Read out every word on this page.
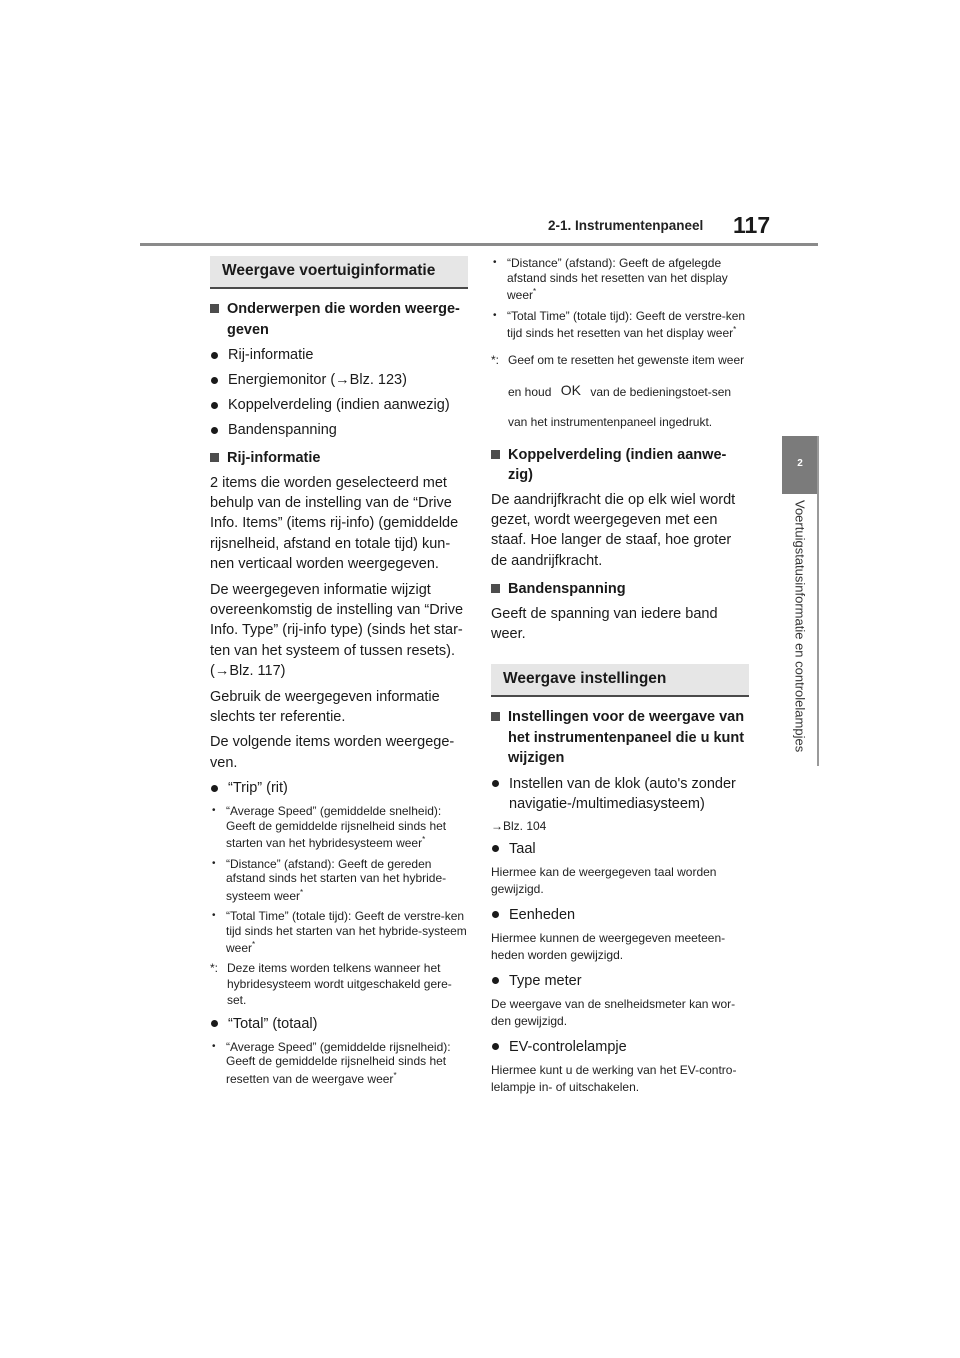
2-1. Instrumentenpaneel 117
2
Voertuigstatusinformatie en controlelampjes
Weergave voertuiginformatie
Onderwerpen die worden weerge-geven
Rij-informatie
Energiemonitor (→Blz. 123)
Koppelverdeling (indien aanwezig)
Bandenspanning
Rij-informatie
2 items die worden geselecteerd met behulp van de instelling van de “Drive Info. Items” (items rij-info) (gemiddelde rijsnelheid, afstand en totale tijd) kun-nen verticaal worden weergegeven.
De weergegeven informatie wijzigt overeenkomstig de instelling van “Drive Info. Type” (rij-info type) (sinds het star-ten van het systeem of tussen resets). (→Blz. 117)
Gebruik de weergegeven informatie slechts ter referentie.
De volgende items worden weergege-ven.
“Trip” (rit)
• “Average Speed” (gemiddelde snelheid): Geeft de gemiddelde rijsnelheid sinds het starten van het hybridesysteem weer*
• “Distance” (afstand): Geeft de gereden afstand sinds het starten van het hybride-systeem weer*
• “Total Time” (totale tijd): Geeft de verstre-ken tijd sinds het starten van het hybride-systeem weer*
*: Deze items worden telkens wanneer het hybridesysteem wordt uitgeschakeld gere-set.
“Total” (totaal)
• “Average Speed” (gemiddelde rijsnelheid): Geeft de gemiddelde rijsnelheid sinds het resetten van de weergave weer*
• “Distance” (afstand): Geeft de afgelegde afstand sinds het resetten van het display weer*
• “Total Time” (totale tijd): Geeft de verstre-ken tijd sinds het resetten van het display weer*
*: Geef om te resetten het gewenste item weer en houd OK van de bedieningstoet-sen van het instrumentenpaneel ingedrukt.
Koppelverdeling (indien aanwe-zig)
De aandrijfkracht die op elk wiel wordt gezet, wordt weergegeven met een staaf. Hoe langer de staaf, hoe groter de aandrijfkracht.
Bandenspanning
Geeft de spanning van iedere band weer.
Weergave instellingen
Instellingen voor de weergave van het instrumentenpaneel die u kunt wijzigen
Instellen van de klok (auto's zonder navigatie-/multimediasysteem)
→Blz. 104
Taal
Hiermee kan de weergegeven taal worden gewijzigd.
Eenheden
Hiermee kunnen de weergegeven meeteen-heden worden gewijzigd.
Type meter
De weergave van de snelheidsmeter kan wor-den gewijzigd.
EV-controlelampje
Hiermee kunt u de werking van het EV-contro-lelampje in- of uitschakelen.
